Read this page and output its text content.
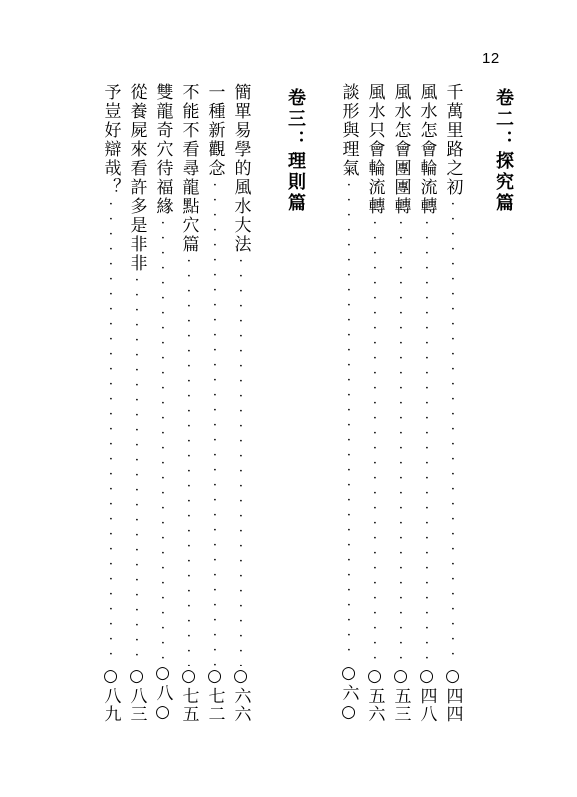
12
卷二：探究篇
千萬里路之初
·····
○四四
風水怎會輪流轉
·····
○四八
風水怎會團團轉
·····
○五三
風水只會輪流轉
·····
○五六
談形與理氣
·····
○六○
卷三：理則篇
簡單易學的風水大法
·····
○六六
一種新觀念
·····
○七二
不能不看尋龍點穴篇
·····
○七五
雙龍奇穴待福緣
·····
○八○
從養屍來看許多是非非
·····
○八三
予豈好辯哉？
·····
○八九
